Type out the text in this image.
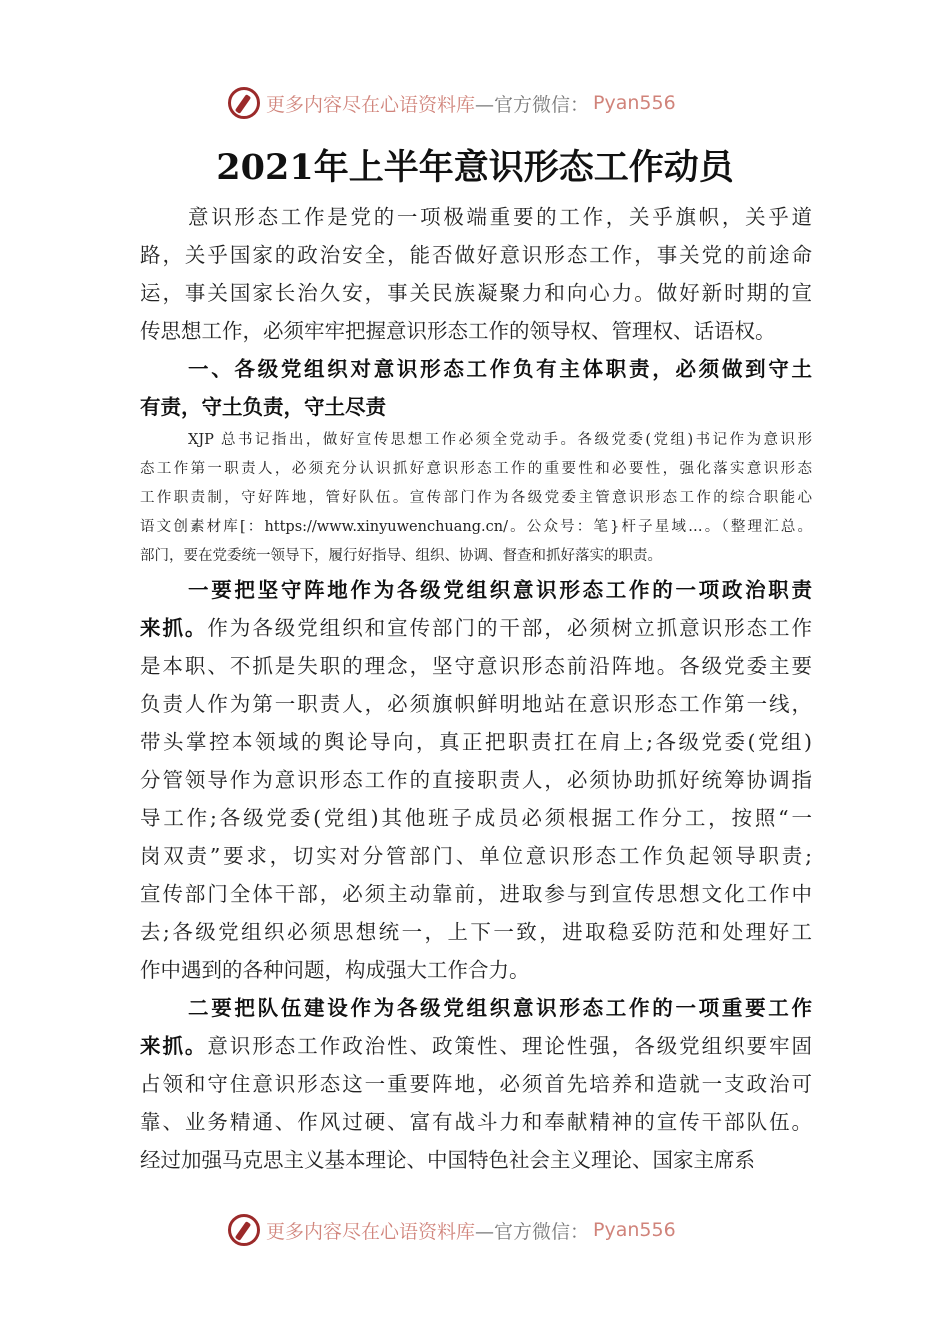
更多内容尽在心语资料库 —官方微信： Pyan556
2021年上半年意识形态工作动员
意识形态工作是党的一项极端重要的工作，关乎旗帜，关乎道
路，关乎国家的政治安全，能否做好意识形态工作，事关党的前途命
运，事关国家长治久安，事关民族凝聚力和向心力。做好新时期的宣
传思想工作，必须牢牢把握意识形态工作的领导权、管理权、话语权。
一、各级党组织对意识形态工作负有主体职责，必须做到守土
有责，守土负责，守土尽责
XJP 总书记指出，做好宣传思想工作必须全党动手。各级党委(党组)书记作为意识形
态工作第一职责人，必须充分认识抓好意识形态工作的重要性和必要性，强化落实意识形态
工作职责制，守好阵地，管好队伍。宣传部门作为各级党委主管意识形态工作的综合职能心
语文创素材库[：https://www.xinyuwenchuang.cn/。公众号：笔}杆子星域…。（整理汇总。
部门，要在党委统一领导下，履行好指导、组织、协调、督查和抓好落实的职责。
一要把坚守阵地作为各级党组织意识形态工作的一项政治职责
来抓。作为各级党组织和宣传部门的干部，必须树立抓意识形态工作
是本职、不抓是失职的理念，坚守意识形态前沿阵地。各级党委主要
负责人作为第一职责人，必须旗帜鲜明地站在意识形态工作第一线，
带头掌控本领域的舆论导向，真正把职责扛在肩上;各级党委(党组)
分管领导作为意识形态工作的直接职责人，必须协助抓好统筹协调指
导工作;各级党委(党组)其他班子成员必须根据工作分工，按照“一
岗双责”要求，切实对分管部门、单位意识形态工作负起领导职责;
宣传部门全体干部，必须主动靠前，进取参与到宣传思想文化工作中
去;各级党组织必须思想统一，上下一致，进取稳妥防范和处理好工
作中遇到的各种问题，构成强大工作合力。
二要把队伍建设作为各级党组织意识形态工作的一项重要工作
来抓。意识形态工作政治性、政策性、理论性强，各级党组织要牢固
占领和守住意识形态这一重要阵地，必须首先培养和造就一支政治可
靠、业务精通、作风过硬、富有战斗力和奉献精神的宣传干部队伍。
经过加强马克思主义基本理论、中国特色社会主义理论、国家主席系
更多内容尽在心语资料库 —官方微信： Pyan556
